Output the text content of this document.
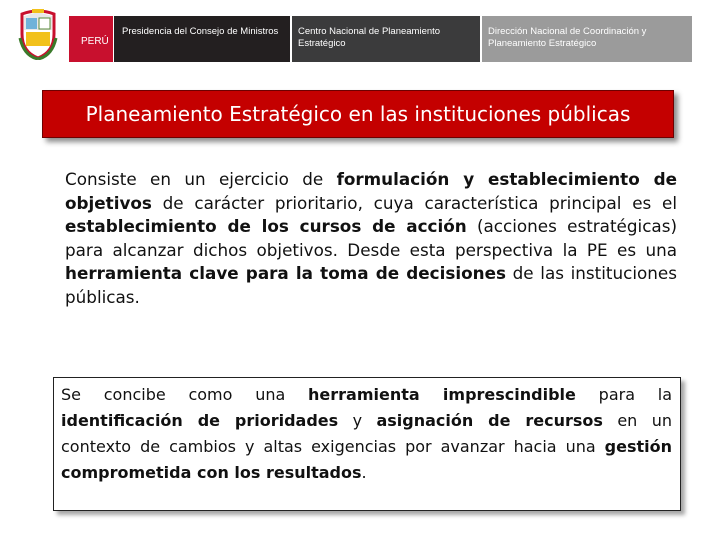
PERÚ
Presidencia del Consejo de Ministros	Centro Nacional de Planeamiento Estratégico
Dirección Nacional de Coordinación y Planeamiento Estratégico
Planeamiento Estratégico en las instituciones públicas
Consiste en un ejercicio de formulación y establecimiento de objetivos de carácter prioritario, cuya característica principal es el establecimiento de los cursos de acción (acciones estratégicas) para alcanzar dichos objetivos. Desde esta perspectiva la PE es una herramienta clave para la toma de decisiones de las instituciones públicas.
Se concibe como una herramienta imprescindible para la identificación de prioridades y asignación de recursos en un contexto de cambios y altas exigencias por avanzar hacia una gestión comprometida con los resultados.
